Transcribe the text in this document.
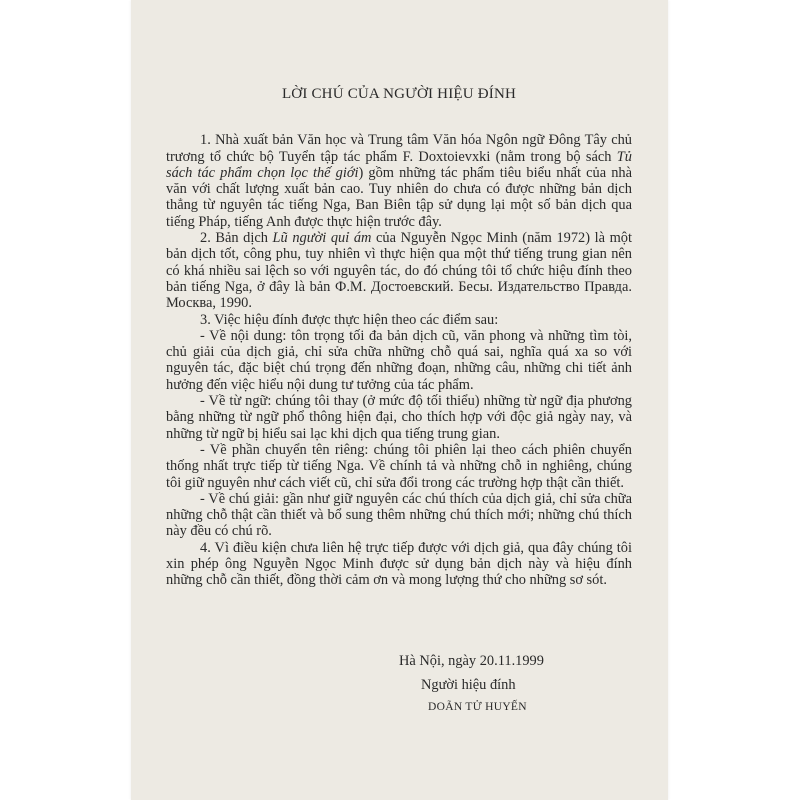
LỜI CHÚ CỦA NGƯỜI HIỆU ĐÍNH

1. Nhà xuất bản Văn học và Trung tâm Văn hóa Ngôn ngữ Đông Tây chủ trương tổ chức bộ Tuyển tập tác phẩm F. Doxtoievxki (nằm trong bộ sách Tủ sách tác phẩm chọn lọc thế giới) gồm những tác phẩm tiêu biểu nhất của nhà văn với chất lượng xuất bản cao. Tuy nhiên do chưa có được những bản dịch thẳng từ nguyên tác tiếng Nga, Ban Biên tập sử dụng lại một số bản dịch qua tiếng Pháp, tiếng Anh được thực hiện trước đây.

2. Bản dịch Lũ người quỉ ám của Nguyễn Ngọc Minh (năm 1972) là một bản dịch tốt, công phu, tuy nhiên vì thực hiện qua một thứ tiếng trung gian nên có khá nhiều sai lệch so với nguyên tác, do đó chúng tôi tổ chức hiệu đính theo bản tiếng Nga, ở đây là bản Ф.М. Достоевский. Бесы. Издательство Правда. Москва, 1990.

3. Việc hiệu đính được thực hiện theo các điểm sau:

- Về nội dung: tôn trọng tối đa bản dịch cũ, văn phong và những tìm tòi, chủ giải của dịch giả, chỉ sửa chữa những chỗ quá sai, nghĩa quá xa so với nguyên tác, đặc biệt chú trọng đến những đoạn, những câu, những chi tiết ảnh hưởng đến việc hiểu nội dung tư tưởng của tác phẩm.

- Về từ ngữ: chúng tôi thay (ở mức độ tối thiểu) những từ ngữ địa phương bằng những từ ngữ phổ thông hiện đại, cho thích hợp với độc giả ngày nay, và những từ ngữ bị hiểu sai lạc khi dịch qua tiếng trung gian.

- Về phần chuyển tên riêng: chúng tôi phiên lại theo cách phiên chuyển thống nhất trực tiếp từ tiếng Nga. Về chính tả và những chỗ in nghiêng, chúng tôi giữ nguyên như cách viết cũ, chỉ sửa đổi trong các trường hợp thật cần thiết.

- Về chú giải: gần như giữ nguyên các chú thích của dịch giả, chỉ sửa chữa những chỗ thật cần thiết và bổ sung thêm những chú thích mới; những chú thích này đều có chú rõ.

4. Vì điều kiện chưa liên hệ trực tiếp được với dịch giả, qua đây chúng tôi xin phép ông Nguyễn Ngọc Minh được sử dụng bản dịch này và hiệu đính những chỗ cần thiết, đồng thời cảm ơn và mong lượng thứ cho những sơ sót.

Hà Nội, ngày 20.11.1999
Người hiệu đính
DOÃN TỬ HUYẾN
